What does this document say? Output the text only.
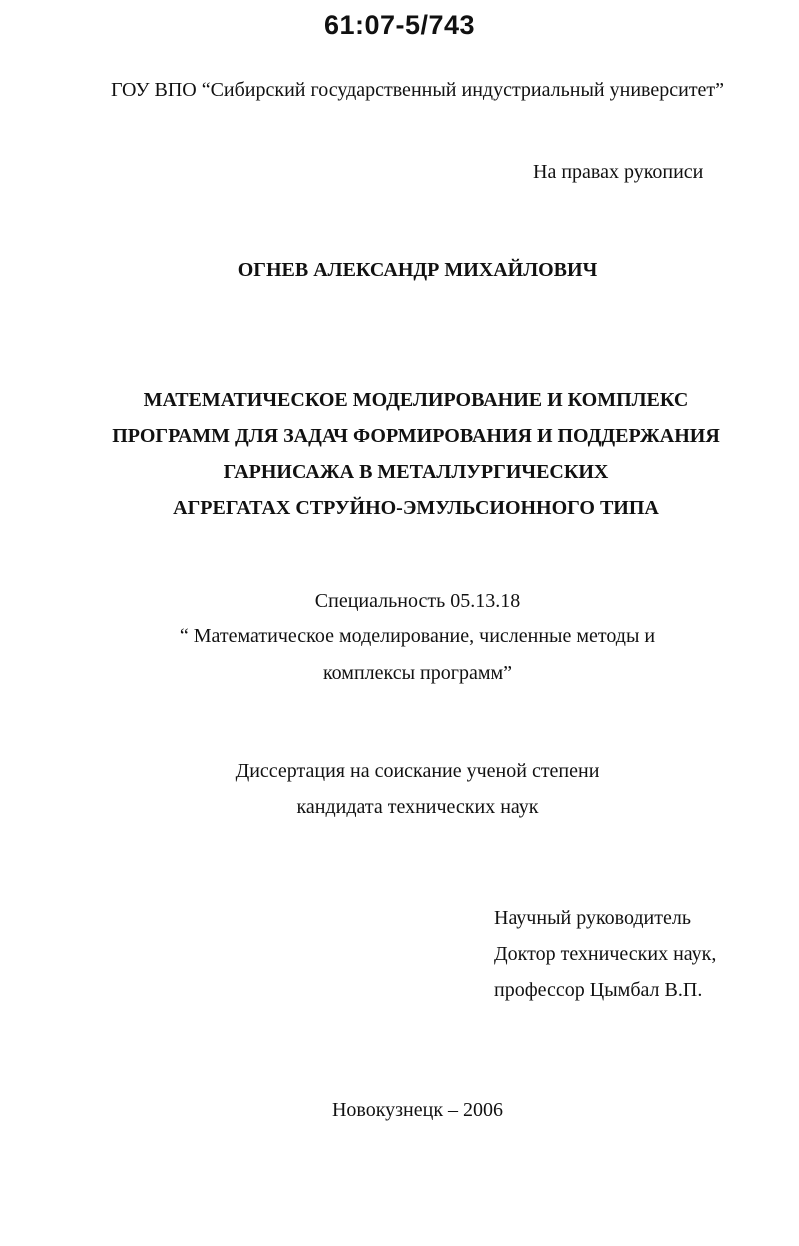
61:07-5/743
ГОУ ВПО “Сибирский государственный индустриальный университет”
На правах рукописи
ОГНЕВ АЛЕКСАНДР МИХАЙЛОВИЧ
МАТЕМАТИЧЕСКОЕ МОДЕЛИРОВАНИЕ И КОМПЛЕКС
ПРОГРАММ ДЛЯ ЗАДАЧ ФОРМИРОВАНИЯ И ПОДДЕРЖАНИЯ
ГАРНИСАЖА В МЕТАЛЛУРГИЧЕСКИХ
АГРЕГАТАХ СТРУЙНО-ЭМУЛЬСИОННОГО ТИПА
Специальность 05.13.18
“ Математическое моделирование, численные методы и
комплексы программ”
Диссертация на соискание ученой степени
кандидата технических наук
Научный руководитель
Доктор технических наук,
профессор Цымбал В.П.
Новокузнецк – 2006
